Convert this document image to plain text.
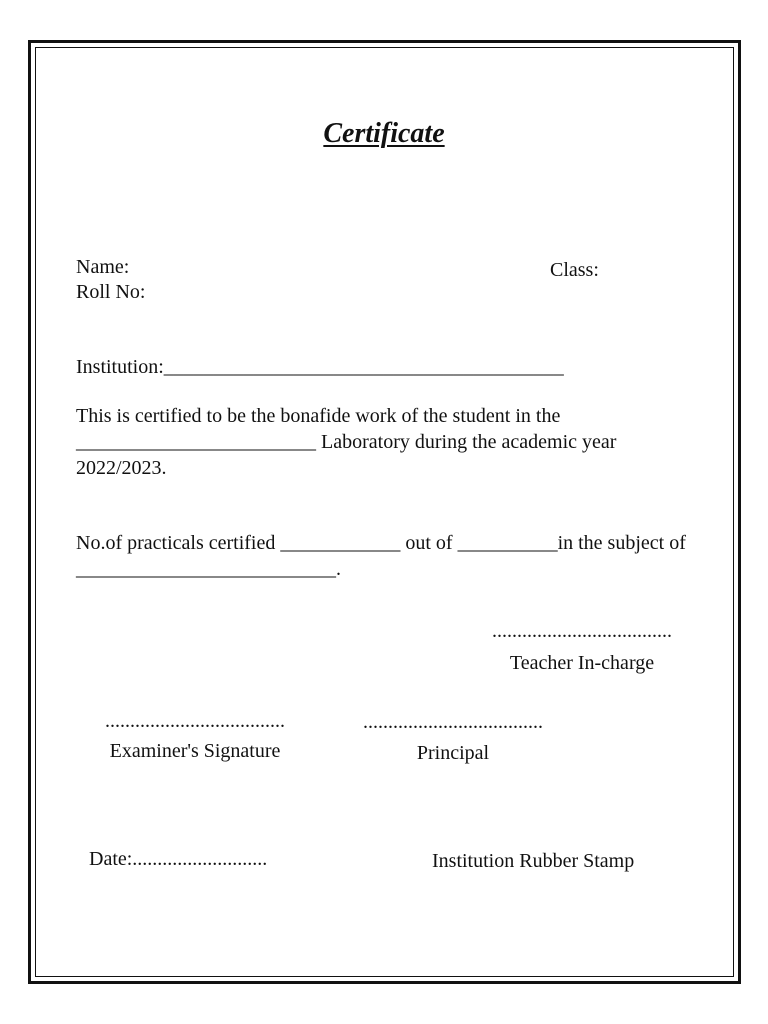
Certificate
Name:	Class:
Roll No:
Institution:________________________________________
This is certified to be the bonafide work of the student in the ________________________ Laboratory during the academic year 2022/2023.
No.of practicals certified ____________ out of __________in the subject of __________________________.
....................................
Teacher In-charge
....................................
Examiner's Signature
....................................
Principal
Date:...........................	Institution Rubber Stamp
